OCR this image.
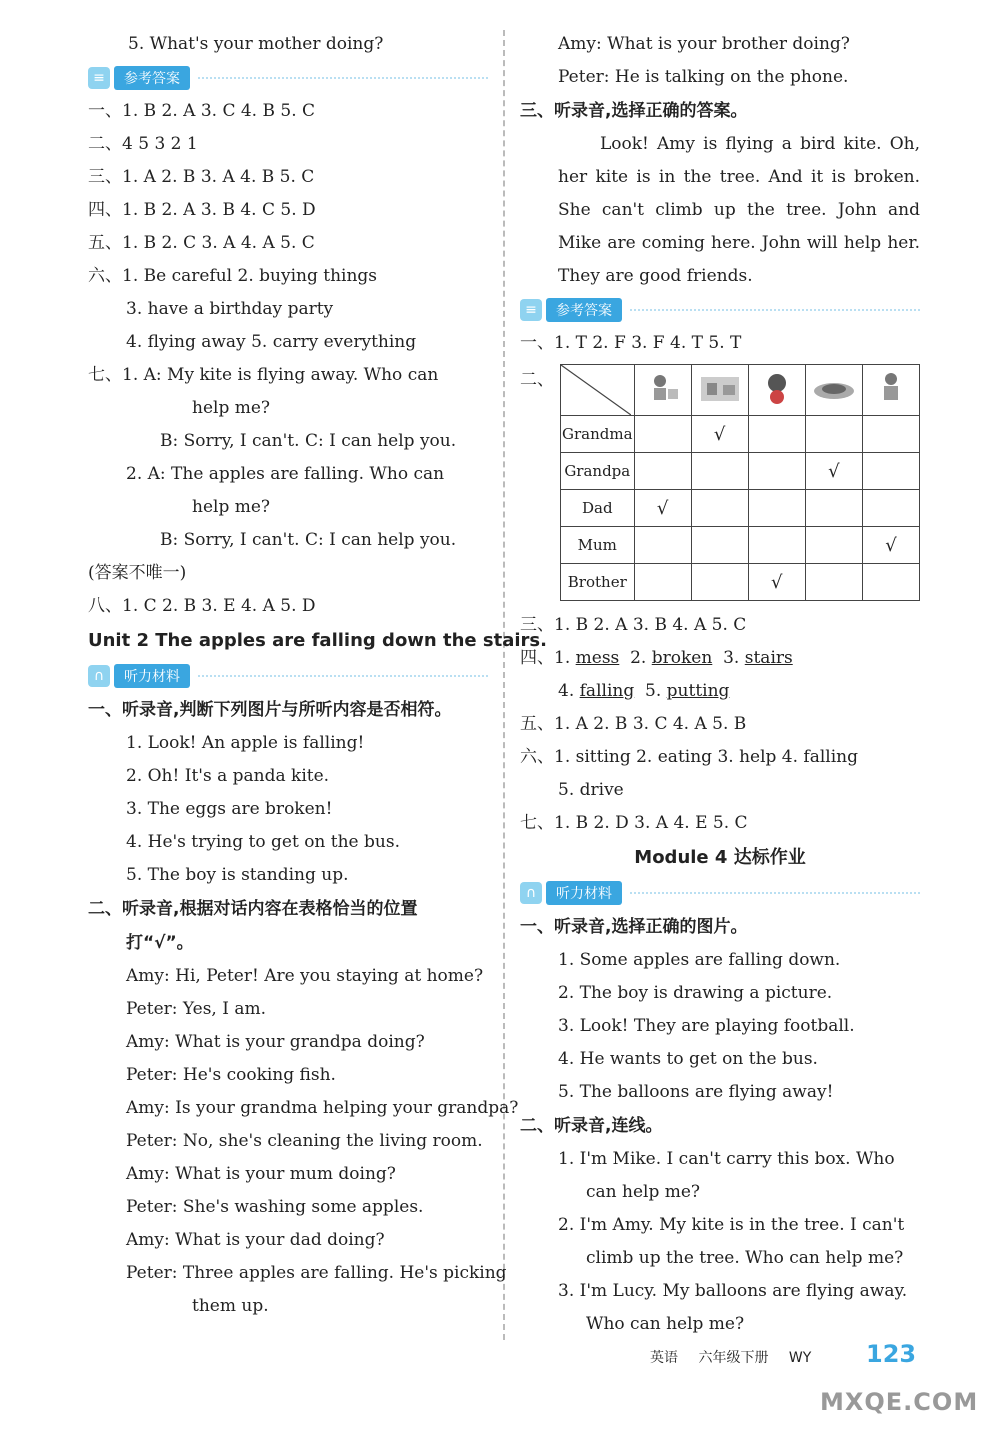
5. What's your mother doing?
≡	参考答案
一、1. B 2. A 3. C 4. B 5. C
二、4 5 3 2 1
三、1. A 2. B 3. A 4. B 5. C
四、1. B 2. A 3. B 4. C 5. D
五、1. B 2. C 3. A 4. A 5. C
六、1. Be careful 2. buying things
3. have a birthday party
4. flying away 5. carry everything
七、1. A: My kite is flying away. Who can
help me?
B: Sorry, I can't. C: I can help you.
2. A: The apples are falling. Who can
help me?
B: Sorry, I can't. C: I can help you.
(答案不唯一)
八、1. C 2. B 3. E 4. A 5. D
Unit 2 The apples are falling down the stairs.
∩	听力材料
一、听录音,判断下列图片与所听内容是否相符。
1. Look! An apple is falling!
2. Oh! It's a panda kite.
3. The eggs are broken!
4. He's trying to get on the bus.
5. The boy is standing up.
二、听录音,根据对话内容在表格恰当的位置
打“√”。
Amy: Hi, Peter! Are you staying at home?
Peter: Yes, I am.
Amy: What is your grandpa doing?
Peter: He's cooking fish.
Amy: Is your grandma helping your grandpa?
Peter: No, she's cleaning the living room.
Amy: What is your mum doing?
Peter: She's washing some apples.
Amy: What is your dad doing?
Peter: Three apples are falling. He's picking
them up.
Amy: What is your brother doing?
Peter: He is talking on the phone.
三、听录音,选择正确的答案。
Look! Amy is flying a bird kite. Oh, her kite is in the tree. And it is broken. She can't climb up the tree. John and Mike are coming here. John will help her. They are good friends.
≡	参考答案
一、1. T 2. F 3. F 4. T 5. T
二、

Grandma		√			
Grandpa				√	
Dad	√				
Mum					√
Brother			√		
三、1. B 2. A 3. B 4. A 5. C
四、1. mess 2. broken 3. stairs
4. falling 5. putting
五、1. A 2. B 3. C 4. A 5. B
六、1. sitting 2. eating 3. help 4. falling
5. drive
七、1. B 2. D 3. A 4. E 5. C
Module 4 达标作业
∩	听力材料
一、听录音,选择正确的图片。
1. Some apples are falling down.
2. The boy is drawing a picture.
3. Look! They are playing football.
4. He wants to get on the bus.
5. The balloons are flying away!
二、听录音,连线。
1. I'm Mike. I can't carry this box. Who
can help me?
2. I'm Amy. My kite is in the tree. I can't
climb up the tree. Who can help me?
3. I'm Lucy. My balloons are flying away.
Who can help me?
英语 六年级下册 WY	123
MXQE.COM
